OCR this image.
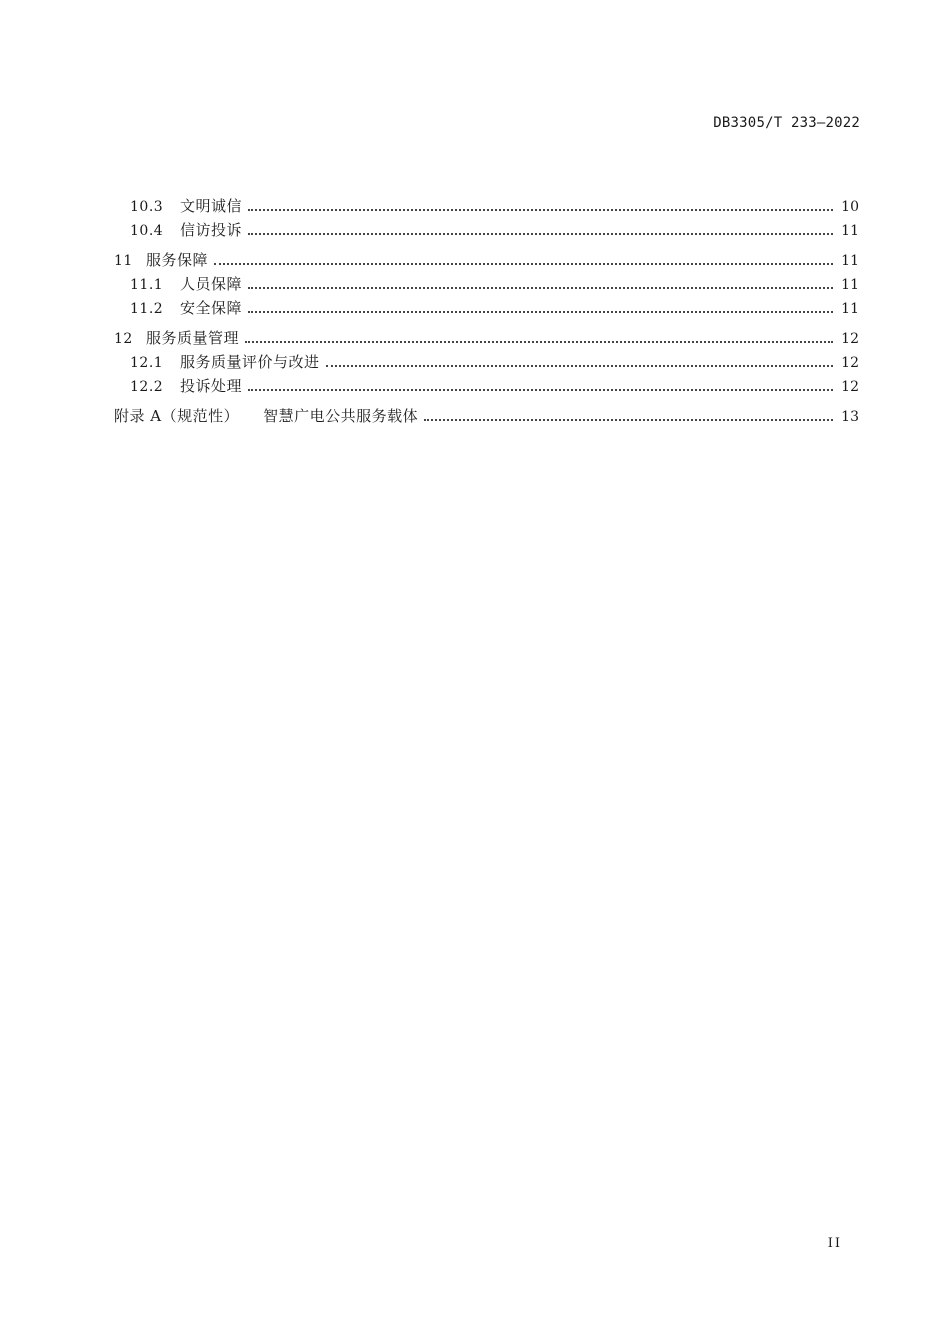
DB3305/T 233—2022
10.3	文明诚信	10
10.4	信访投诉	11
11 服务保障	11
11.1	人员保障	11
11.2	安全保障	11
12 服务质量管理	12
12.1	服务质量评价与改进	12
12.2	投诉处理	12
附录 A（规范性） 智慧广电公共服务载体	13
II
